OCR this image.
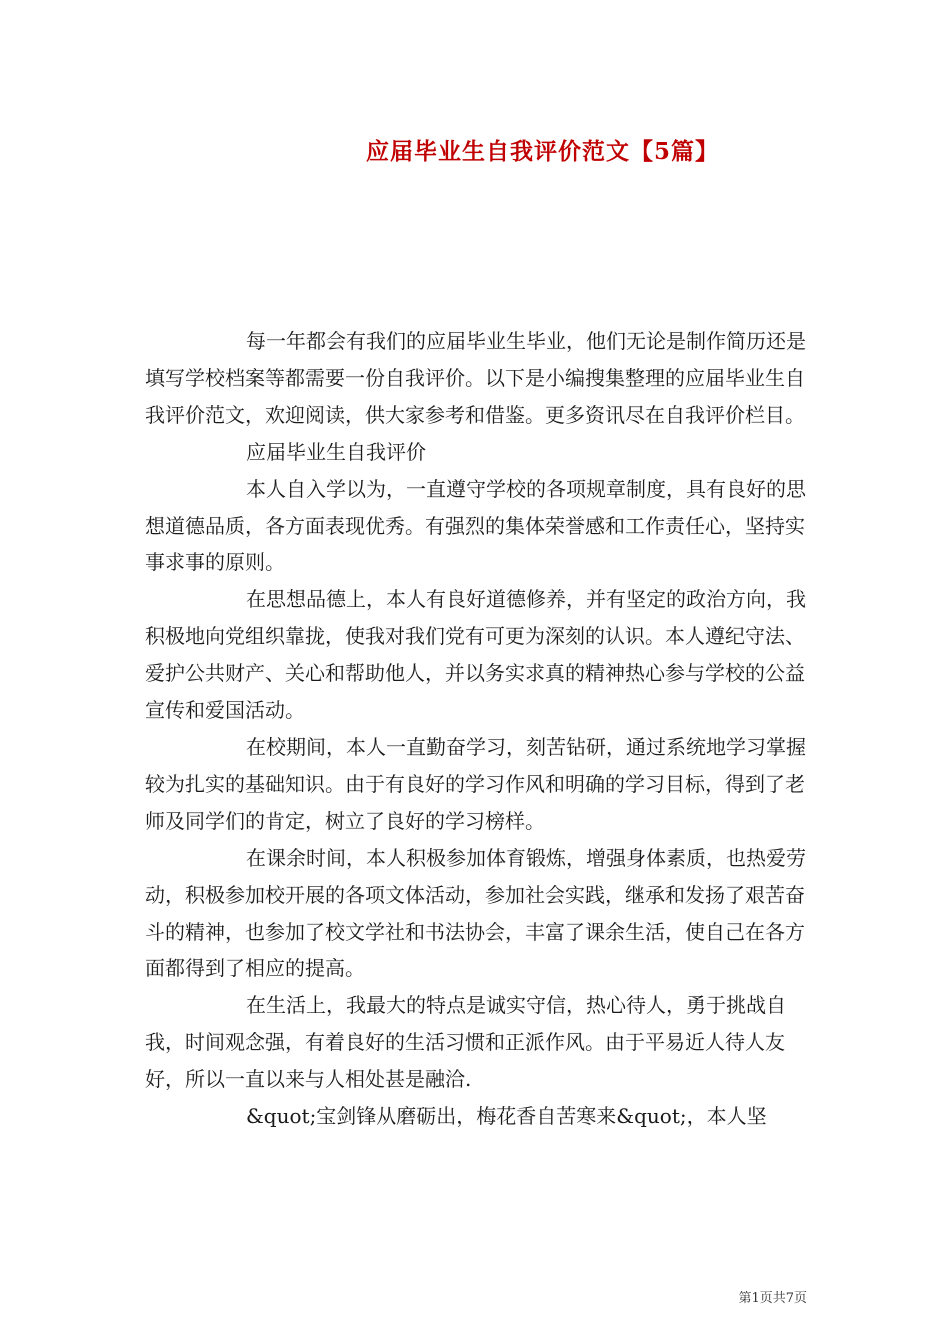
应届毕业生自我评价范文【5篇】

每一年都会有我们的应届毕业生毕业，他们无论是制作简历还是填写学校档案等都需要一份自我评价。以下是小编搜集整理的应届毕业生自我评价范文，欢迎阅读，供大家参考和借鉴。更多资讯尽在自我评价栏目。

应届毕业生自我评价

本人自入学以为，一直遵守学校的各项规章制度，具有良好的思想道德品质，各方面表现优秀。有强烈的集体荣誉感和工作责任心，坚持实事求事的原则。

在思想品德上，本人有良好道德修养，并有坚定的政治方向，我积极地向党组织靠拢，使我对我们党有可更为深刻的认识。本人遵纪守法、爱护公共财产、关心和帮助他人，并以务实求真的精神热心参与学校的公益宣传和爱国活动。

在校期间，本人一直勤奋学习，刻苦钻研，通过系统地学习掌握较为扎实的基础知识。由于有良好的学习作风和明确的学习目标，得到了老师及同学们的肯定，树立了良好的学习榜样。

在课余时间，本人积极参加体育锻炼，增强身体素质，也热爱劳动，积极参加校开展的各项文体活动，参加社会实践，继承和发扬了艰苦奋斗的精神，也参加了校文学社和书法协会，丰富了课余生活，使自己在各方面都得到了相应的提高。

在生活上，我最大的特点是诚实守信，热心待人，勇于挑战自我，时间观念强，有着良好的生活习惯和正派作风。由于平易近人待人友好，所以一直以来与人相处甚是融洽.

&quot;宝剑锋从磨砺出，梅花香自苦寒来&quot;，本人坚

第1页共7页
